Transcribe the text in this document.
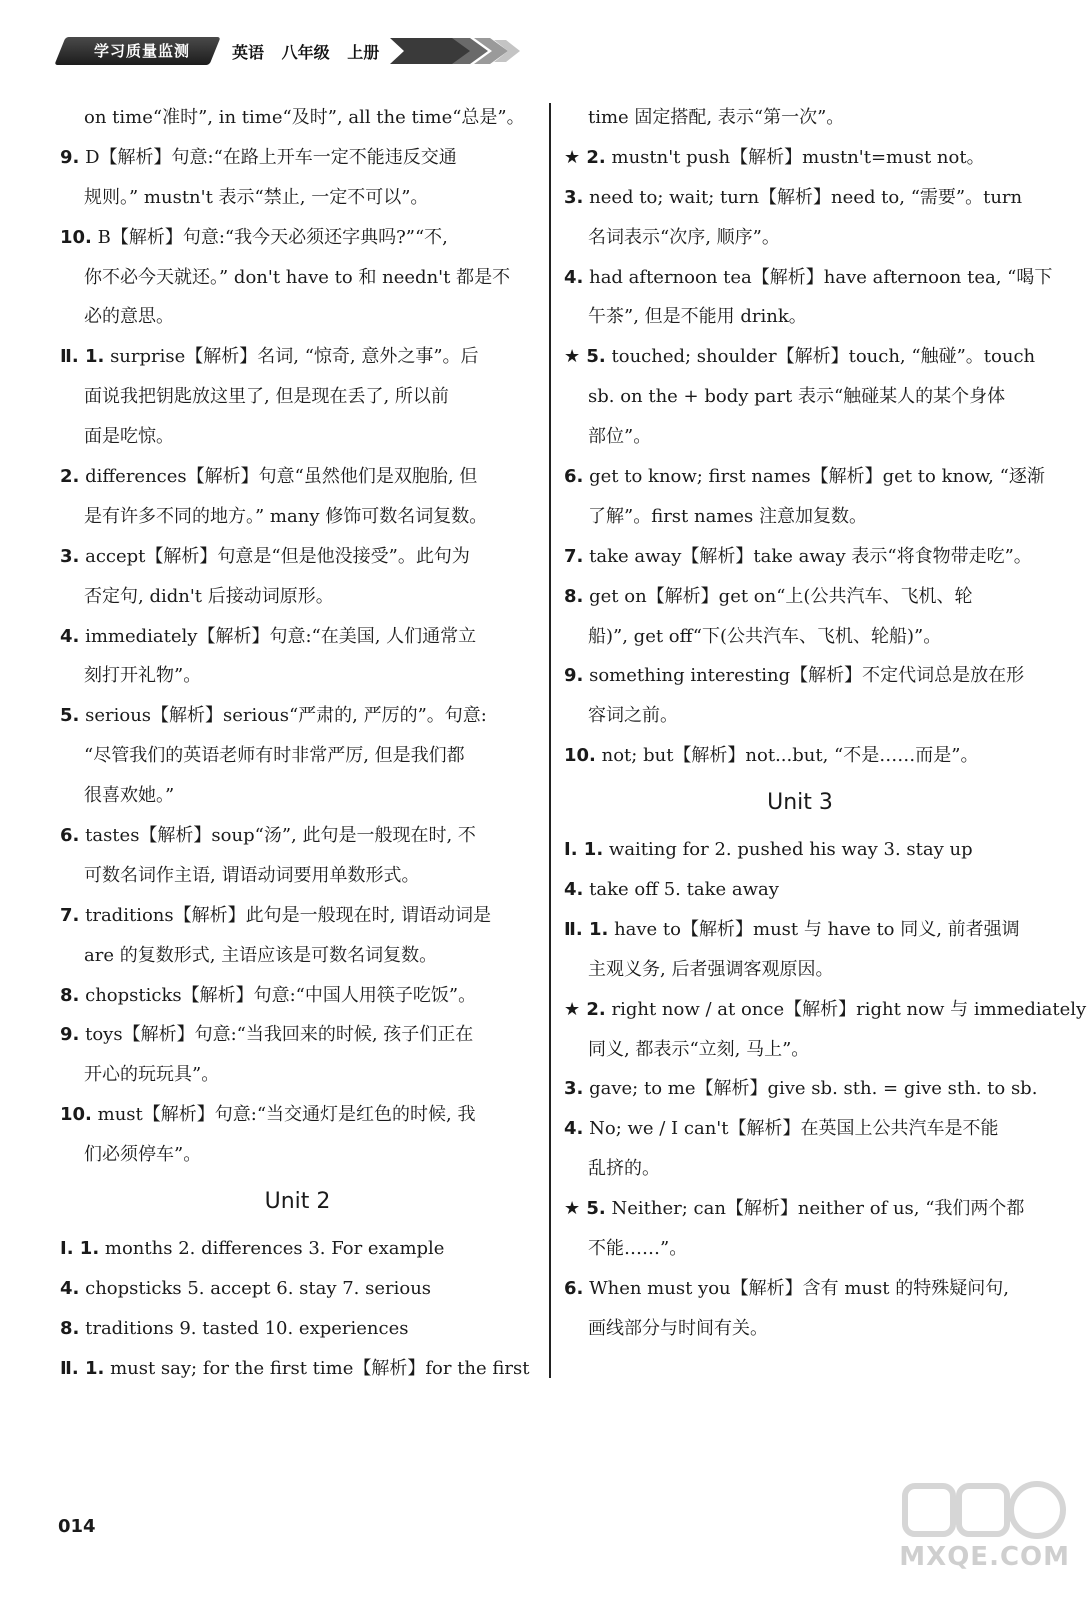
学习质量监测	英语 八年级 上册
on time“准时”, in time“及时”, all the time“总是”。
9. D【解析】句意:“在路上开车一定不能违反交通
规则。” mustn't 表示“禁止, 一定不可以”。
10. B【解析】句意:“我今天必须还字典吗?”“不,
你不必今天就还。” don't have to 和 needn't 都是不
必的意思。
Ⅱ. 1. surprise【解析】名词, “惊奇, 意外之事”。后
面说我把钥匙放这里了, 但是现在丢了, 所以前
面是吃惊。
2. differences【解析】句意“虽然他们是双胞胎, 但
是有许多不同的地方。” many 修饰可数名词复数。
3. accept【解析】句意是“但是他没接受”。此句为
否定句, didn't 后接动词原形。
4. immediately【解析】句意:“在美国, 人们通常立
刻打开礼物”。
5. serious【解析】serious“严肃的, 严厉的”。句意:
“尽管我们的英语老师有时非常严厉, 但是我们都
很喜欢她。”
6. tastes【解析】soup“汤”, 此句是一般现在时, 不
可数名词作主语, 谓语动词要用单数形式。
7. traditions【解析】此句是一般现在时, 谓语动词是
are 的复数形式, 主语应该是可数名词复数。
8. chopsticks【解析】句意:“中国人用筷子吃饭”。
9. toys【解析】句意:“当我回来的时候, 孩子们正在
开心的玩玩具”。
10. must【解析】句意:“当交通灯是红色的时候, 我
们必须停车”。
Unit 2
Ⅰ. 1. months 2. differences 3. For example
4. chopsticks 5. accept 6. stay 7. serious
8. traditions 9. tasted 10. experiences
Ⅱ. 1. must say; for the first time【解析】for the first
time 固定搭配, 表示“第一次”。
★ 2. mustn't push【解析】mustn't=must not。
3. need to; wait; turn【解析】need to, “需要”。turn
名词表示“次序, 顺序”。
4. had afternoon tea【解析】have afternoon tea, “喝下
午茶”, 但是不能用 drink。
★ 5. touched; shoulder【解析】touch, “触碰”。touch
sb. on the + body part 表示“触碰某人的某个身体
部位”。
6. get to know; first names【解析】get to know, “逐渐
了解”。first names 注意加复数。
7. take away【解析】take away 表示“将食物带走吃”。
8. get on【解析】get on“上(公共汽车、飞机、轮
船)”, get off“下(公共汽车、飞机、轮船)”。
9. something interesting【解析】不定代词总是放在形
容词之前。
10. not; but【解析】not...but, “不是……而是”。
Unit 3
Ⅰ. 1. waiting for 2. pushed his way 3. stay up
4. take off 5. take away
Ⅱ. 1. have to【解析】must 与 have to 同义, 前者强调
主观义务, 后者强调客观原因。
★ 2. right now / at once【解析】right now 与 immediately
同义, 都表示“立刻, 马上”。
3. gave; to me【解析】give sb. sth. = give sth. to sb.
4. No; we / I can't【解析】在英国上公共汽车是不能
乱挤的。
★ 5. Neither; can【解析】neither of us, “我们两个都
不能……”。
6. When must you【解析】含有 must 的特殊疑问句,
画线部分与时间有关。
014
MXQE.COM
